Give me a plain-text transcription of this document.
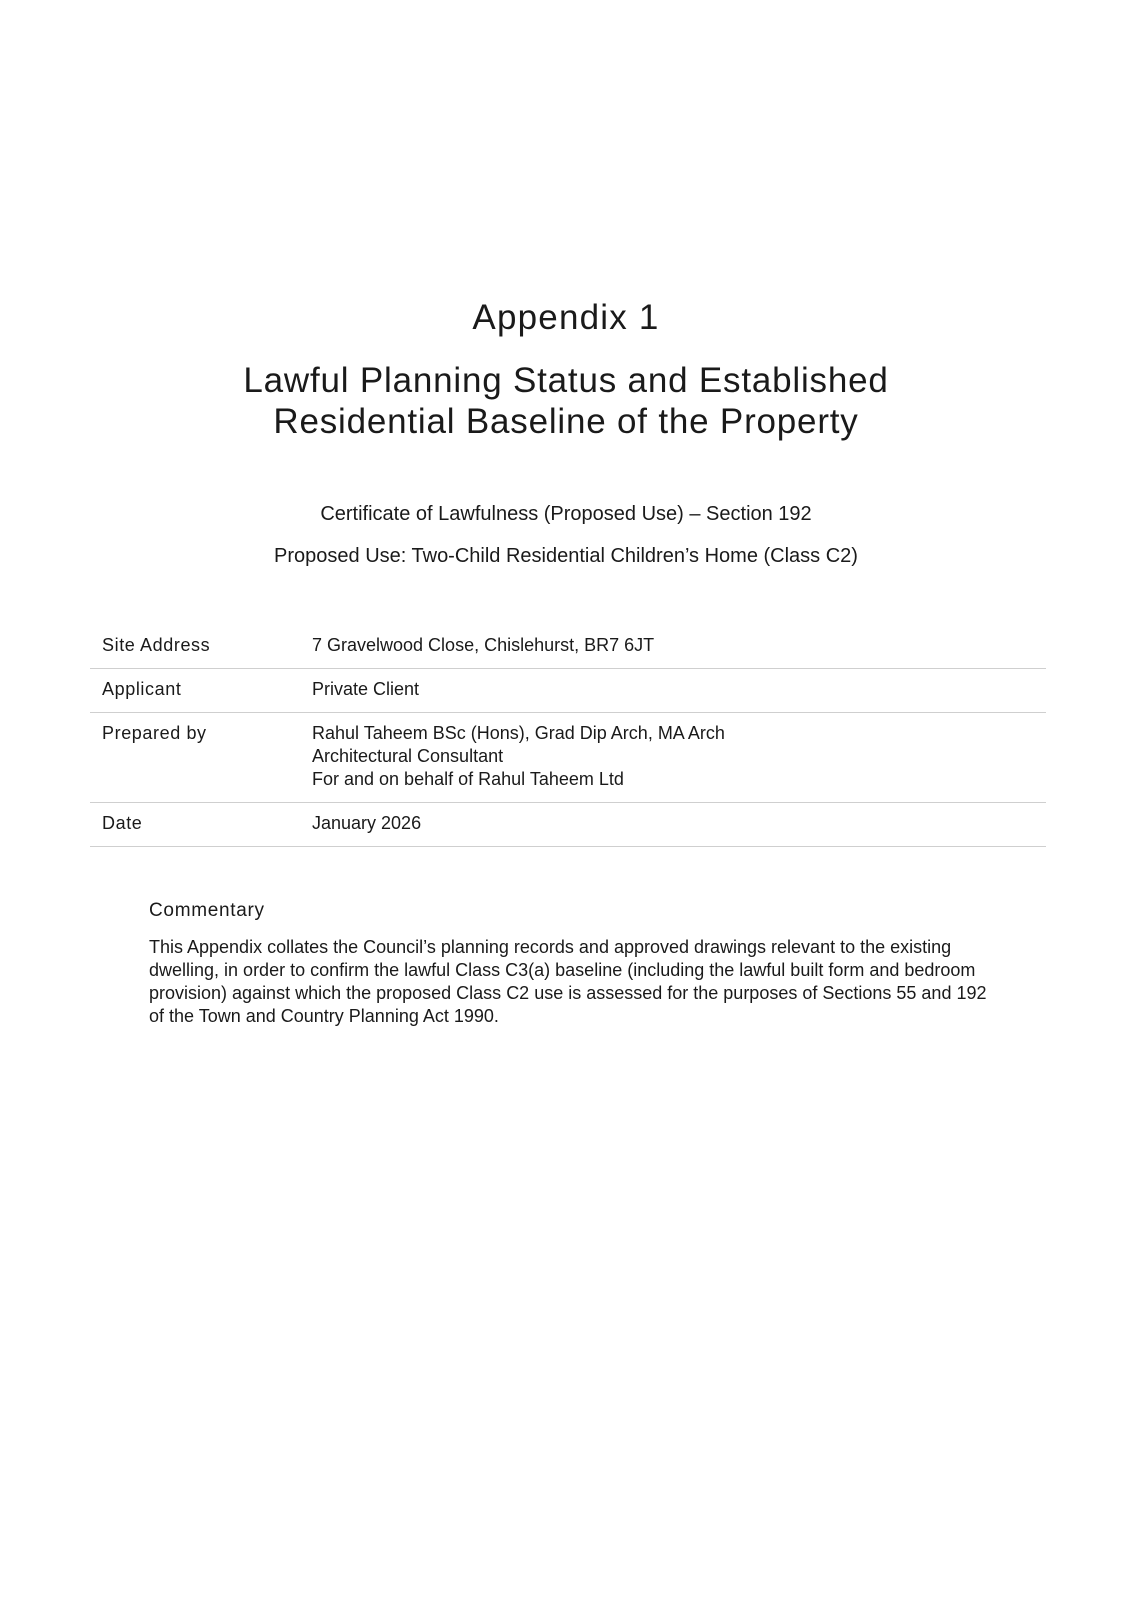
Appendix 1
Lawful Planning Status and Established
Residential Baseline of the Property

Certificate of Lawfulness (Proposed Use) – Section 192

Proposed Use: Two-Child Residential Children’s Home (Class C2)

Site Address	7 Gravelwood Close, Chislehurst, BR7 6JT

Applicant	Private Client

Prepared by	Rahul Taheem BSc (Hons), Grad Dip Arch, MA Arch
Architectural Consultant
For and on behalf of Rahul Taheem Ltd

Date	January 2026
Commentary

This Appendix collates the Council’s planning records and approved drawings relevant to the existing dwelling, in order to confirm the lawful Class C3(a) baseline (including the lawful built form and bedroom provision) against which the proposed Class C2 use is assessed for the purposes of Sections 55 and 192 of the Town and Country Planning Act 1990.
